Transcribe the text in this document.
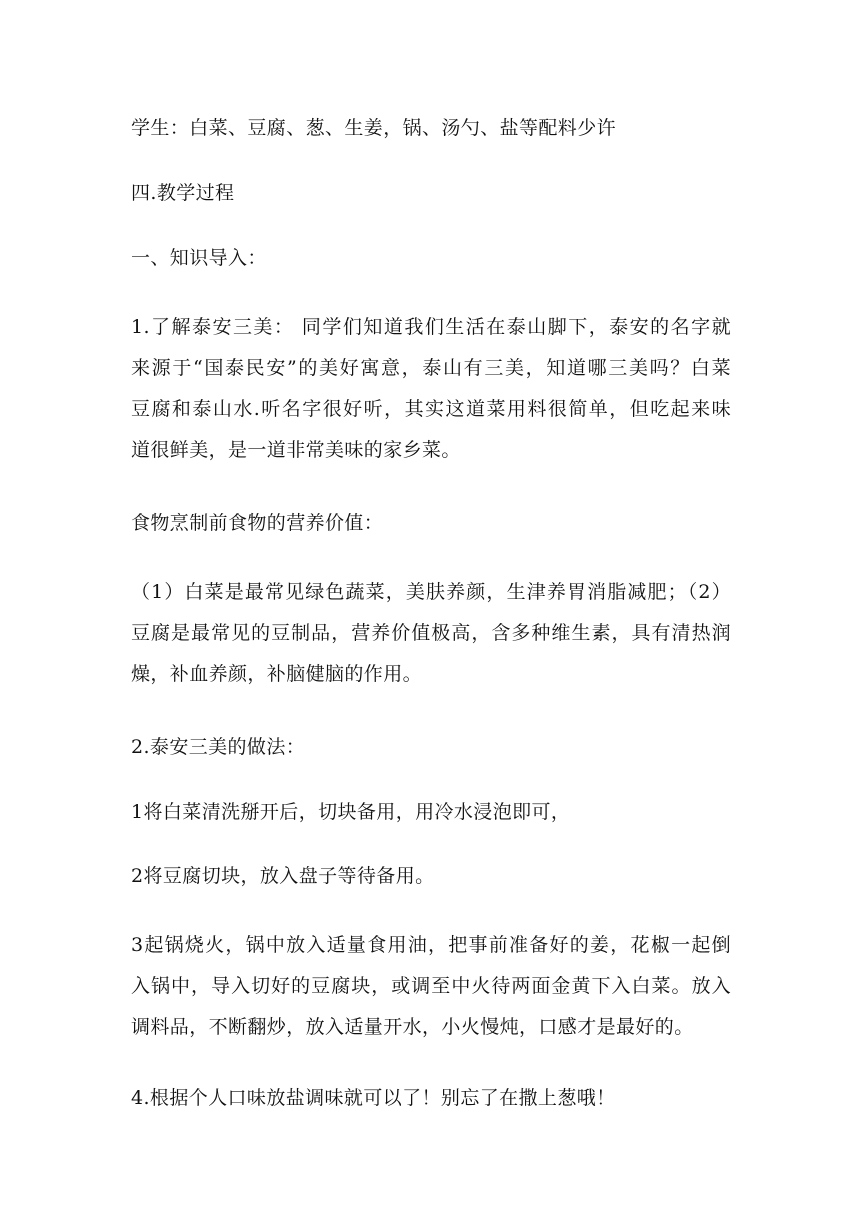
学生：白菜、豆腐、葱、生姜，锅、汤勺、盐等配料少许
四.教学过程
一、知识导入：
1.了解泰安三美： 同学们知道我们生活在泰山脚下，泰安的名字就
来源于“国泰民安”的美好寓意，泰山有三美，知道哪三美吗？白菜
豆腐和泰山水.听名字很好听，其实这道菜用料很简单，但吃起来味
道很鲜美，是一道非常美味的家乡菜。
食物烹制前食物的营养价值：
（1）白菜是最常见绿色蔬菜，美肤养颜，生津养胃消脂减肥；（2）
豆腐是最常见的豆制品，营养价值极高，含多种维生素，具有清热润
燥，补血养颜，补脑健脑的作用。
2.泰安三美的做法：
1将白菜清洗掰开后，切块备用，用冷水浸泡即可，
2将豆腐切块，放入盘子等待备用。
3起锅烧火，锅中放入适量食用油，把事前准备好的姜，花椒一起倒
入锅中，导入切好的豆腐块，或调至中火待两面金黄下入白菜。放入
调料品，不断翻炒，放入适量开水，小火慢炖，口感才是最好的。
4.根据个人口味放盐调味就可以了！别忘了在撒上葱哦！
